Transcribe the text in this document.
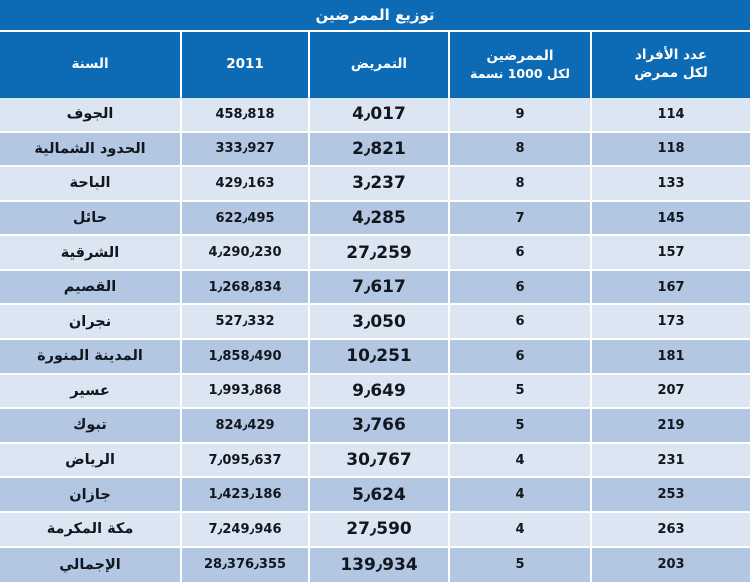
توزيع الممرضين
عدد الأفراد
لكل ممرض
الممرضين
لكل 1000 نسمة
التمريض
2011
السنة
114
9
4٫017
458٫818
الجوف
118
8
2٫821
333٫927
الحدود الشمالية
133
8
3٫237
429٫163
الباحة
145
7
4٫285
622٫495
حائل
157
6
27٫259
4٫290٫230
الشرقية
167
6
7٫617
1٫268٫834
القصيم
173
6
3٫050
527٫332
نجران
181
6
10٫251
1٫858٫490
المدينة المنورة
207
5
9٫649
1٫993٫868
عسير
219
5
3٫766
824٫429
تبوك
231
4
30٫767
7٫095٫637
الرياض
253
4
5٫624
1٫423٫186
جازان
263
4
27٫590
7٫249٫946
مكة المكرمة
203
5
139٫934
28٫376٫355
الإجمالي
